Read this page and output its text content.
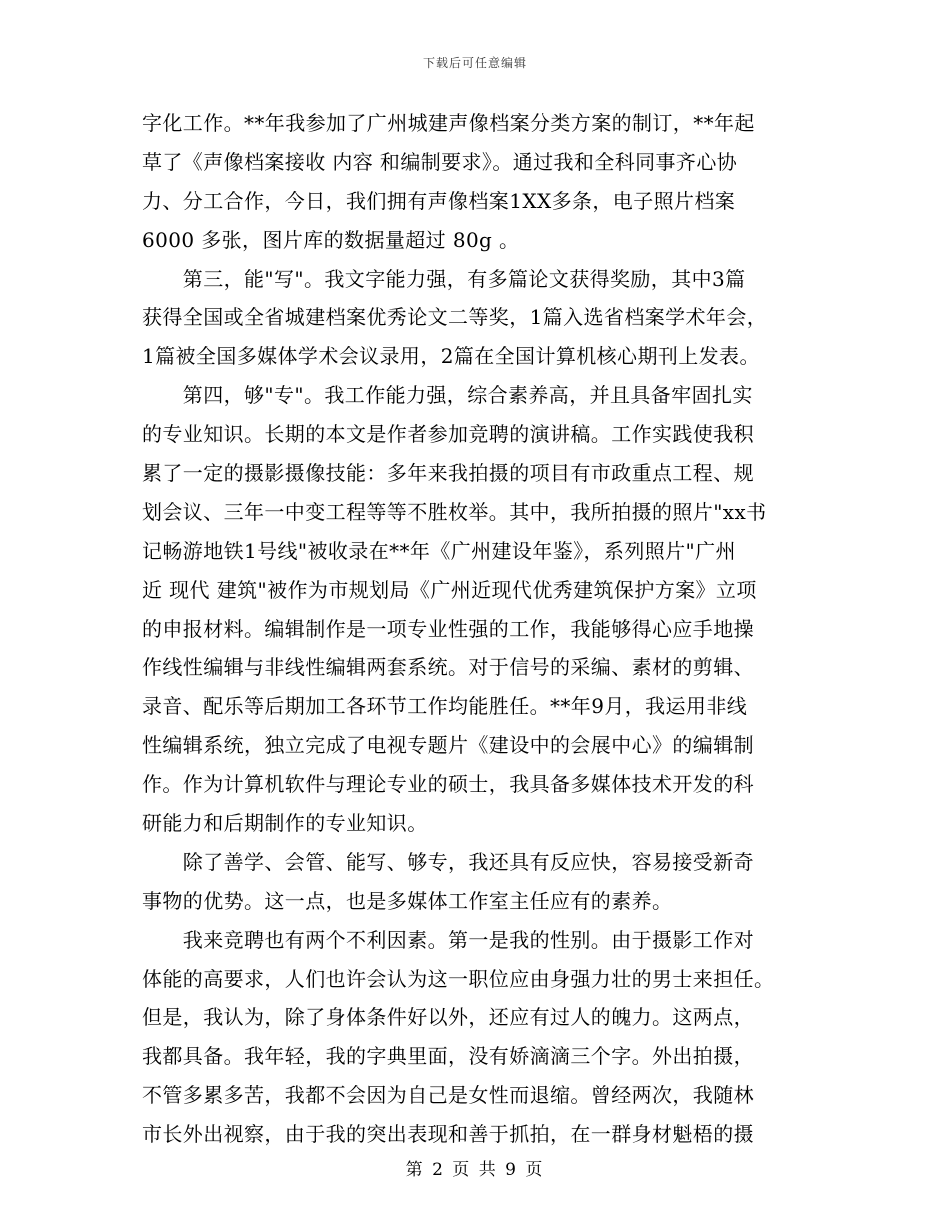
下载后可任意编辑
字化工作。**年我参加了广州城建声像档案分类方案的制订，**年起
草了《声像档案接收 内容 和编制要求》。通过我和全科同事齐心协
力、分工合作，今日，我们拥有声像档案1XX多条，电子照片档案
6000 多张，图片库的数据量超过 80g 。
　　第三，能"写"。我文字能力强，有多篇论文获得奖励，其中3篇
获得全国或全省城建档案优秀论文二等奖，1篇入选省档案学术年会，
1篇被全国多媒体学术会议录用，2篇在全国计算机核心期刊上发表。
　　第四，够"专"。我工作能力强，综合素养高，并且具备牢固扎实
的专业知识。长期的本文是作者参加竞聘的演讲稿。工作实践使我积
累了一定的摄影摄像技能：多年来我拍摄的项目有市政重点工程、规
划会议、三年一中变工程等等不胜枚举。其中，我所拍摄的照片"xx书
记畅游地铁1号线"被收录在**年《广州建设年鉴》，系列照片"广州
近 现代 建筑"被作为市规划局《广州近现代优秀建筑保护方案》立项
的申报材料。编辑制作是一项专业性强的工作，我能够得心应手地操
作线性编辑与非线性编辑两套系统。对于信号的采编、素材的剪辑、
录音、配乐等后期加工各环节工作均能胜任。**年9月，我运用非线
性编辑系统，独立完成了电视专题片《建设中的会展中心》的编辑制
作。作为计算机软件与理论专业的硕士，我具备多媒体技术开发的科
研能力和后期制作的专业知识。
　　除了善学、会管、能写、够专，我还具有反应快，容易接受新奇
事物的优势。这一点，也是多媒体工作室主任应有的素养。
　　我来竞聘也有两个不利因素。第一是我的性别。由于摄影工作对
体能的高要求，人们也许会认为这一职位应由身强力壮的男士来担任。
但是，我认为，除了身体条件好以外，还应有过人的魄力。这两点，
我都具备。我年轻，我的字典里面，没有娇滴滴三个字。外出拍摄，
不管多累多苦，我都不会因为自己是女性而退缩。曾经两次，我随林
市长外出视察，由于我的突出表现和善于抓拍，在一群身材魁梧的摄
第 2 页 共 9 页
